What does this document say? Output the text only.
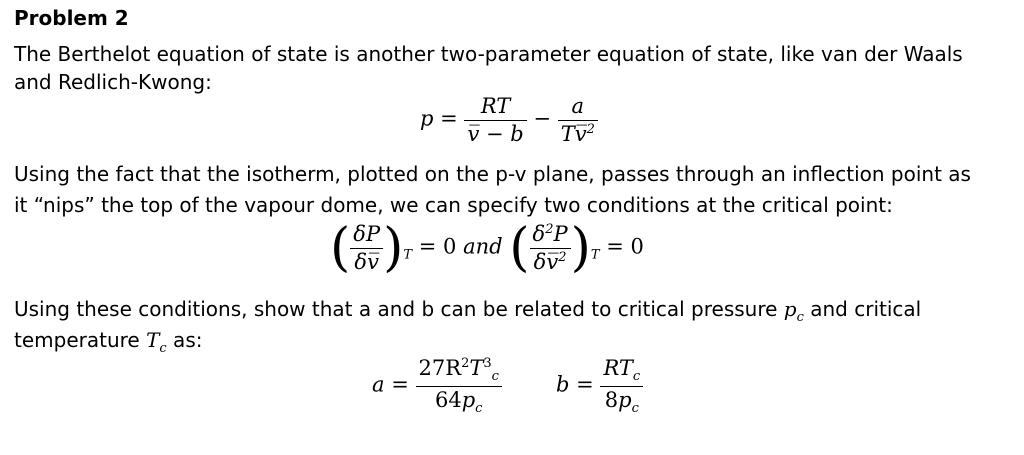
Problem 2
The Berthelot equation of state is another two-parameter equation of state, like van der Waals
and Redlich-Kwong:
$p = \frac{RT}{v̅ - b} - \frac{a}{Tv̅^2}$
Using the fact that the isotherm, plotted on the p-v plane, passes through an inflection point as
it “nips” the top of the vapour dome, we can specify two conditions at the critical point:
( $\frac{\delta P}{\delta v̅} )_T = 0$ and ( $\frac{\delta^2P}{\delta v̅^2} )_T = 0$
Using these conditions, show that a and b can be related to critical pressure $p_c$ and critical
temperature $T_c$ as:
$a = \frac{27R^2T^3_c}{64p_c}$	$b = \frac{RT_c}{8p_c}$
